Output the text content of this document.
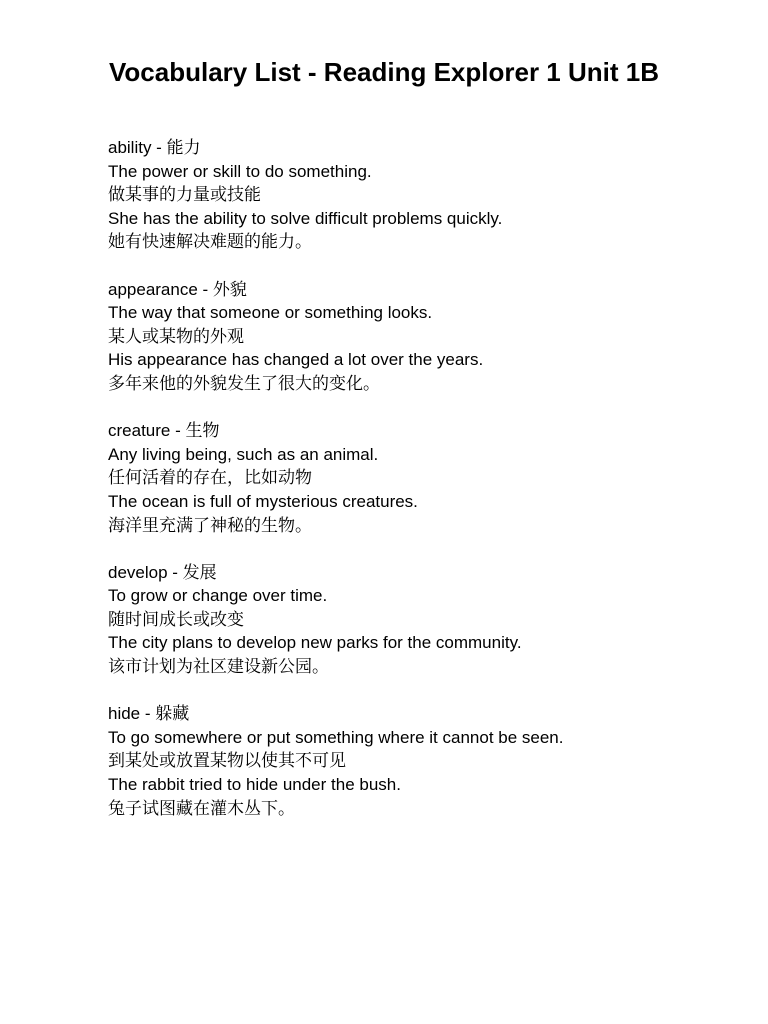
Vocabulary List - Reading Explorer 1 Unit 1B
ability - 能力
The power or skill to do something.
做某事的力量或技能
She has the ability to solve difficult problems quickly.
她有快速解决难题的能力。
appearance - 外貌
The way that someone or something looks.
某人或某物的外观
His appearance has changed a lot over the years.
多年来他的外貌发生了很大的变化。
creature - 生物
Any living being, such as an animal.
任何活着的存在，比如动物
The ocean is full of mysterious creatures.
海洋里充满了神秘的生物。
develop - 发展
To grow or change over time.
随时间成长或改变
The city plans to develop new parks for the community.
该市计划为社区建设新公园。
hide - 躲藏
To go somewhere or put something where it cannot be seen.
到某处或放置某物以使其不可见
The rabbit tried to hide under the bush.
兔子试图藏在灌木丛下。
